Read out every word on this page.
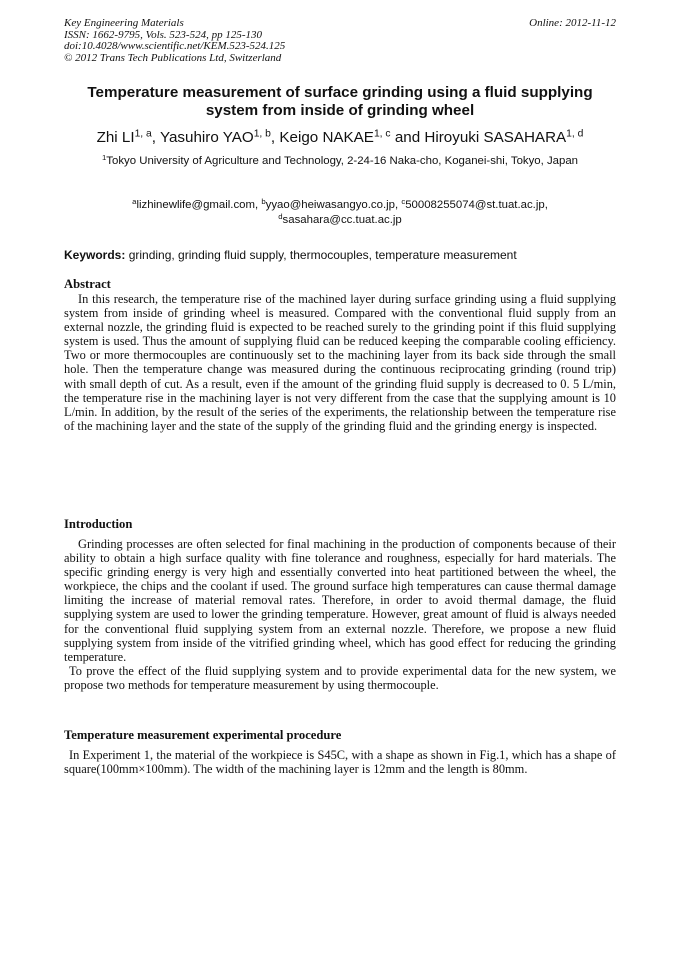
Key Engineering Materials
ISSN: 1662-9795, Vols. 523-524, pp 125-130
doi:10.4028/www.scientific.net/KEM.523-524.125
© 2012 Trans Tech Publications Ltd, Switzerland
Online: 2012-11-12
Temperature measurement of surface grinding using a fluid supplying system from inside of grinding wheel
Zhi LI$^{1, a}$, Yasuhiro YAO$^{1, b}$, Keigo NAKAE$^{1, c}$ and Hiroyuki SASAHARA$^{1, d}$
$^1$Tokyo University of Agriculture and Technology, 2-24-16 Naka-cho, Koganei-shi, Tokyo, Japan
$^a$lizhinewlife@gmail.com, $^b$yyao@heiwasangyo.co.jp, $^c$50008255074@st.tuat.ac.jp,
$^d$sasahara@cc.tuat.ac.jp
Keywords: grinding, grinding fluid supply, thermocouples, temperature measurement
Abstract

In this research, the temperature rise of the machined layer during surface grinding using a fluid supplying system from inside of grinding wheel is measured. Compared with the conventional fluid supply from an external nozzle, the grinding fluid is expected to be reached surely to the grinding point if this fluid supplying system is used. Thus the amount of supplying fluid can be reduced keeping the comparable cooling efficiency. Two or more thermocouples are continuously set to the machining layer from its back side through the small hole. Then the temperature change was measured during the continuous reciprocating grinding (round trip) with small depth of cut. As a result, even if the amount of the grinding fluid supply is decreased to 0. 5 L/min, the temperature rise in the machining layer is not very different from the case that the supplying amount is 10 L/min. In addition, by the result of the series of the experiments, the relationship between the temperature rise of the machining layer and the state of the supply of the grinding fluid and the grinding energy is inspected.

Introduction

Grinding processes are often selected for final machining in the production of components because of their ability to obtain a high surface quality with fine tolerance and roughness, especially for hard materials. The specific grinding energy is very high and essentially converted into heat partitioned between the wheel, the workpiece, the chips and the coolant if used. The ground surface high temperatures can cause thermal damage limiting the increase of material removal rates. Therefore, in order to avoid thermal damage, the fluid supplying system are used to lower the grinding temperature. However, great amount of fluid is always needed for the conventional fluid supplying system from an external nozzle. Therefore, we propose a new fluid supplying system from inside of the vitrified grinding wheel, which has good effect for reducing the grinding temperature.

To prove the effect of the fluid supplying system and to provide experimental data for the new system, we propose two methods for temperature measurement by using thermocouple.

Temperature measurement experimental procedure

In Experiment 1, the material of the workpiece is S45C, with a shape as shown in Fig.1, which has a shape of square(100mm×100mm). The width of the machining layer is 12mm and the length is 80mm.
